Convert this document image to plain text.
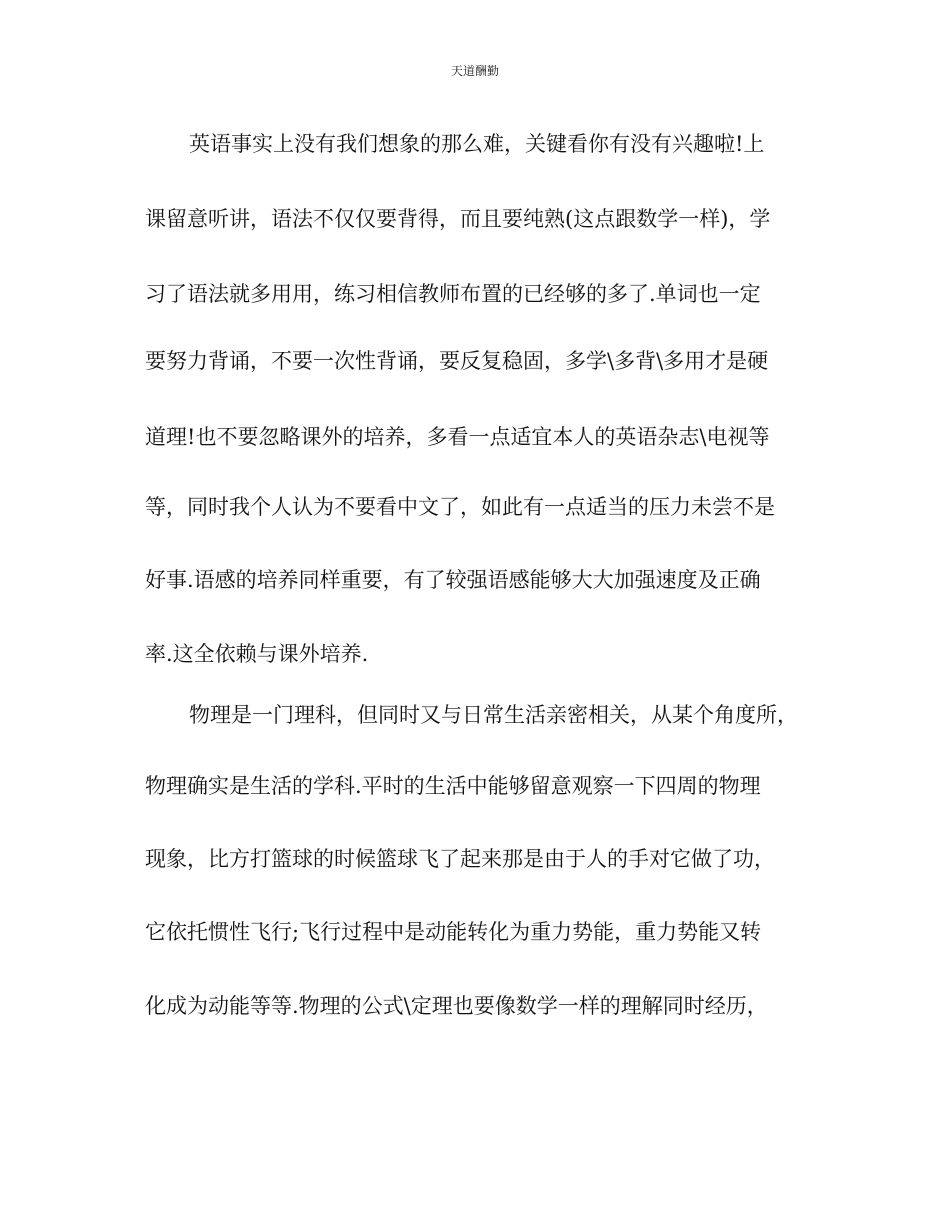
天道酬勤
英语事实上没有我们想象的那么难，关键看你有没有兴趣啦!上
课留意听讲，语法不仅仅要背得，而且要纯熟(这点跟数学一样)，学
习了语法就多用用，练习相信教师布置的已经够的多了.单词也一定
要努力背诵，不要一次性背诵，要反复稳固，多学\多背\多用才是硬
道理!也不要忽略课外的培养，多看一点适宜本人的英语杂志\电视等
等，同时我个人认为不要看中文了，如此有一点适当的压力未尝不是
好事.语感的培养同样重要，有了较强语感能够大大加强速度及正确
率.这全依赖与课外培养.
物理是一门理科，但同时又与日常生活亲密相关，从某个角度所，
物理确实是生活的学科.平时的生活中能够留意观察一下四周的物理
现象，比方打篮球的时候篮球飞了起来那是由于人的手对它做了功，
它依托惯性飞行;飞行过程中是动能转化为重力势能，重力势能又转
化成为动能等等.物理的公式\定理也要像数学一样的理解同时经历，
